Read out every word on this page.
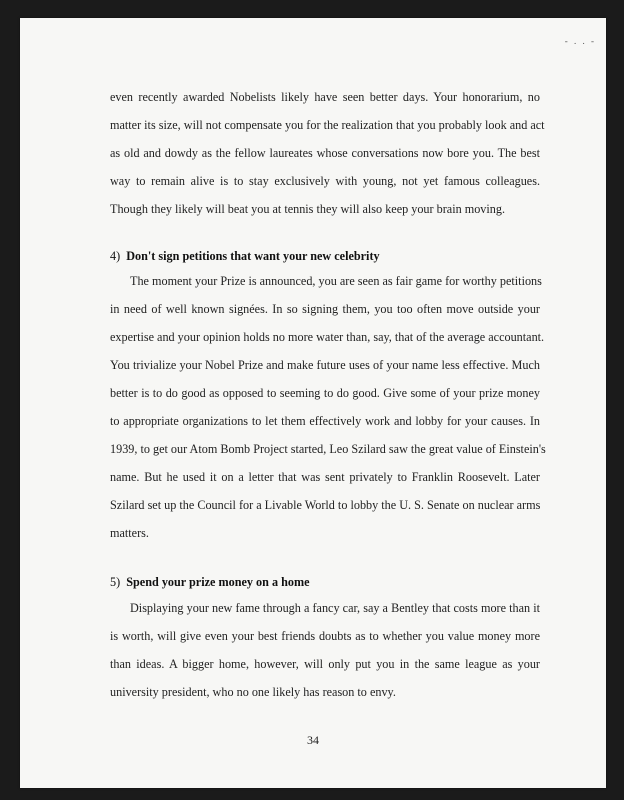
- . . -
even recently awarded Nobelists likely have seen better days. Your honorarium, no
matter its size, will not compensate you for the realization that you probably look and act
as old and dowdy as the fellow laureates whose conversations now bore you. The best
way to remain alive is to stay exclusively with young, not yet famous colleagues.
Though they likely will beat you at tennis they will also keep your brain moving.
4) Don't sign petitions that want your new celebrity
The moment your Prize is announced, you are seen as fair game for worthy petitions
in need of well known signées. In so signing them, you too often move outside your
expertise and your opinion holds no more water than, say, that of the average accountant.
You trivialize your Nobel Prize and make future uses of your name less effective. Much
better is to do good as opposed to seeming to do good. Give some of your prize money
to appropriate organizations to let them effectively work and lobby for your causes. In
1939, to get our Atom Bomb Project started, Leo Szilard saw the great value of Einstein's
name. But he used it on a letter that was sent privately to Franklin Roosevelt. Later
Szilard set up the Council for a Livable World to lobby the U. S. Senate on nuclear arms
matters.
5) Spend your prize money on a home
Displaying your new fame through a fancy car, say a Bentley that costs more than it
is worth, will give even your best friends doubts as to whether you value money more
than ideas. A bigger home, however, will only put you in the same league as your
university president, who no one likely has reason to envy.
34
